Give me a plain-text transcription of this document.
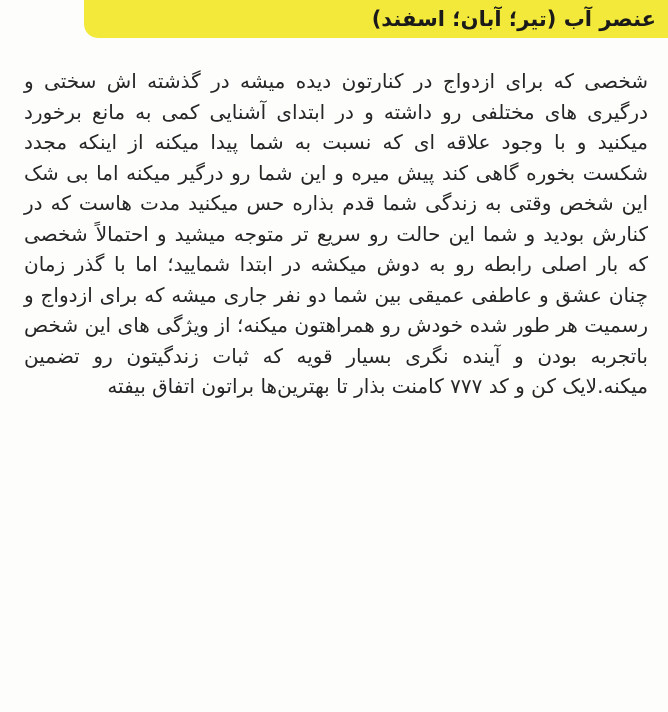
عنصر آب (تیر؛ آبان؛ اسفند)

شخصی که برای ازدواج در کنارتون دیده میشه در گذشته اش سختی و درگیری های مختلفی رو داشته و در ابتدای آشنایی کمی به مانع برخورد میکنید و با وجود علاقه ای که نسبت به شما پیدا میکنه از اینکه مجدد شکست بخوره گاهی کند پیش میره و این شما رو درگیر میکنه اما بی شک این شخص وقتی به زندگی شما قدم بذاره حس میکنید مدت هاست که در کنارش بودید و شما این حالت رو سریع تر متوجه میشید و احتمالاً شخصی که بار اصلی رابطه رو به دوش میکشه در ابتدا شمایید؛ اما با گذر زمان چنان عشق و عاطفی عمیقی بین شما دو نفر جاری میشه که برای ازدواج و رسمیت هر طور شده خودش رو همراهتون میکنه؛ از ویژگی های این شخص باتجربه بودن و آینده نگری بسیار قویه که ثبات زندگیتون رو تضمین میکنه.لایک کن و کد ۷۷۷ کامنت بذار تا بهترین‌ها براتون اتفاق بیفته
